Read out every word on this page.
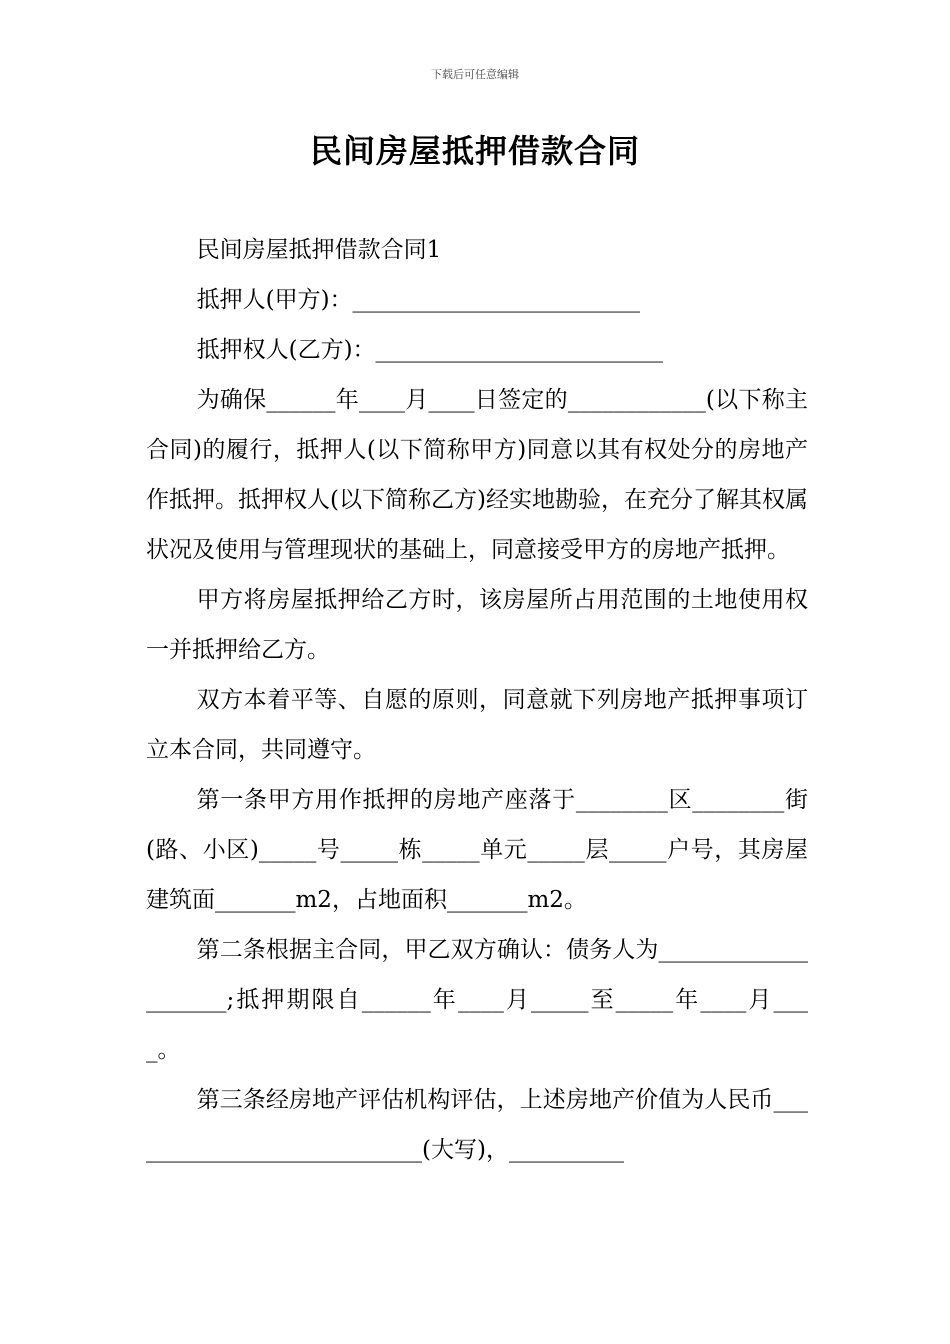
下载后可任意编辑
民间房屋抵押借款合同

民间房屋抵押借款合同1

抵押人(甲方)：_________________________

抵押权人(乙方)：_________________________

为确保______年____月____日签定的____________(以下称主合同)的履行，抵押人(以下简称甲方)同意以其有权处分的房地产作抵押。抵押权人(以下简称乙方)经实地勘验，在充分了解其权属状况及使用与管理现状的基础上，同意接受甲方的房地产抵押。

甲方将房屋抵押给乙方时，该房屋所占用范围的土地使用权一并抵押给乙方。

双方本着平等、自愿的原则，同意就下列房地产抵押事项订立本合同，共同遵守。

第一条甲方用作抵押的房地产座落于________区________街(路、小区)_____号_____栋_____单元_____层_____户号，其房屋建筑面_______m2，占地面积_______m2。

第二条根据主合同，甲乙双方确认：债务人为____________________;抵押期限自______年____月_____至_____年____月____。

第三条经房地产评估机构评估，上述房地产价值为人民币___________________________(大写)，__________
